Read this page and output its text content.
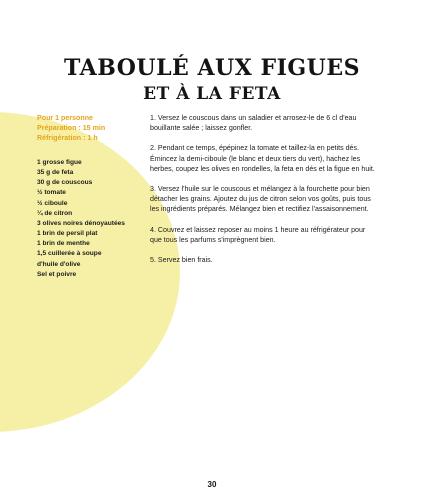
TABOULÉ AUX FIGUES
ET À LA FETA
Pour 1 personne
Préparation : 15 min
Réfrigération : 1 h
1 grosse figue
35 g de feta
30 g de couscous
½ tomate
½ ciboule
¼ de citron
3 olives noires dénoyautées
1 brin de persil plat
1 brin de menthe
1,5 cuillerée à soupe
d'huile d'olive
Sel et poivre

1. Versez le couscous dans un saladier et arrosez-le de 6 cl d'eau bouillante salée ; laissez gonfler.

2. Pendant ce temps, épépinez la tomate et taillez-la en petits dés. Émincez la demi-ciboule (le blanc et deux tiers du vert), hachez les herbes, coupez les olives en rondelles, la feta en dés et la figue en huit.

3. Versez l'huile sur le couscous et mélangez à la fourchette pour bien détacher les grains. Ajoutez du jus de citron selon vos goûts, puis tous les ingrédients préparés. Mélangez bien et rectifiez l'assaisonnement.

4. Couvrez et laissez reposer au moins 1 heure au réfrigérateur pour que tous les parfums s'imprègnent bien.

5. Servez bien frais.

30
